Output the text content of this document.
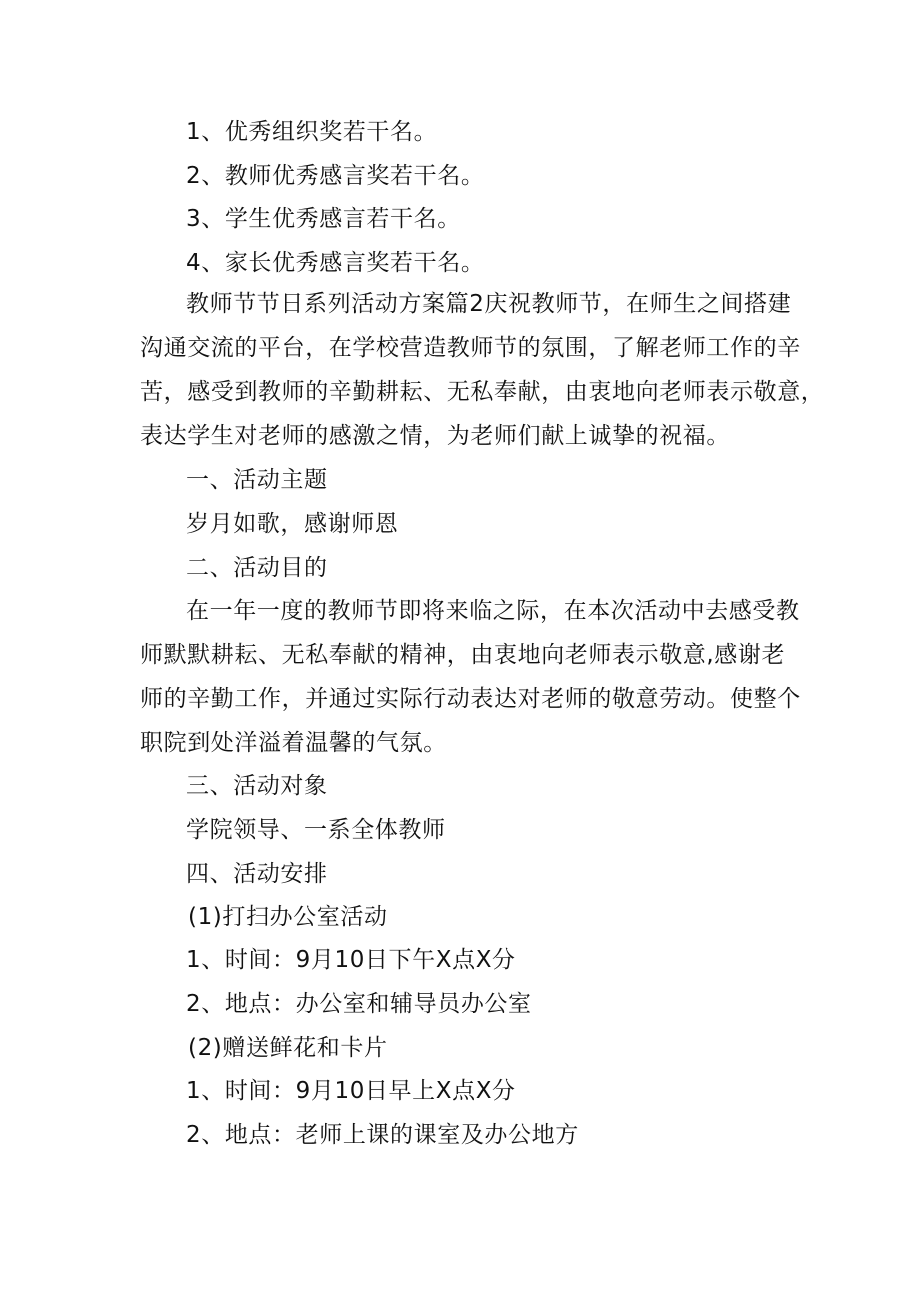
1、优秀组织奖若干名。
2、教师优秀感言奖若干名。
3、学生优秀感言若干名。
4、家长优秀感言奖若干名。
教师节节日系列活动方案篇2庆祝教师节，在师生之间搭建
沟通交流的平台，在学校营造教师节的氛围，了解老师工作的辛
苦，感受到教师的辛勤耕耘、无私奉献，由衷地向老师表示敬意，
表达学生对老师的感激之情，为老师们献上诚挚的祝福。
一、活动主题
岁月如歌，感谢师恩
二、活动目的
在一年一度的教师节即将来临之际，在本次活动中去感受教
师默默耕耘、无私奉献的精神，由衷地向老师表示敬意,感谢老
师的辛勤工作，并通过实际行动表达对老师的敬意劳动。使整个
职院到处洋溢着温馨的气氛。
三、活动对象
学院领导、一系全体教师
四、活动安排
(1)打扫办公室活动
1、时间：9月10日下午X点X分
2、地点：办公室和辅导员办公室
(2)赠送鲜花和卡片
1、时间：9月10日早上X点X分
2、地点：老师上课的课室及办公地方
